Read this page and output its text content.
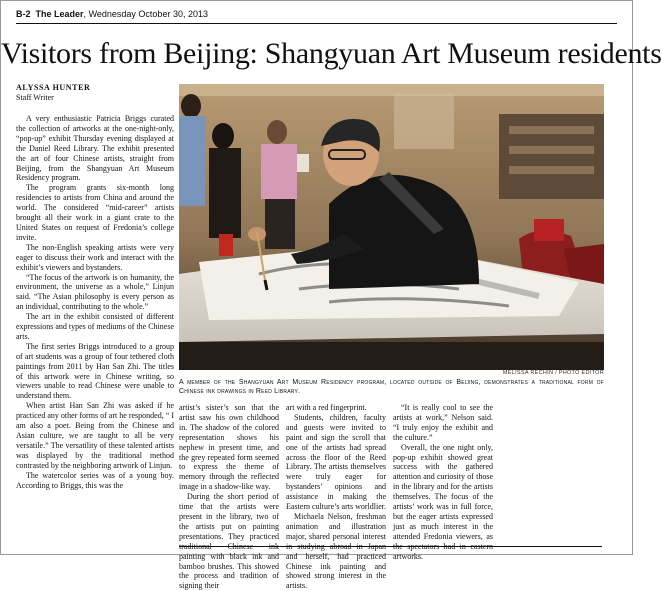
B-2 The Leader, Wednesday October 30, 2013
Visitors from Beijing: Shangyuan Art Museum residents
ALYSSA HUNTER
Staff Writer

A very enthusiastic Patricia Briggs curated the collection of artworks at the one-night-only, “pop-up” exhibit Thursday evening displayed at the Daniel Reed Library. The exhibit presented the art of four Chinese artists, straight from Beijing, from the Shangyuan Art Museum Residency program.

The program grants six-month long residencies to artists from China and around the world. The considered “mid-career” artists brought all their work in a giant crate to the United States on request of Fredonia’s college invite.

The non-English speaking artists were very eager to discuss their work and interact with the exhibit’s viewers and bystanders.

“The focus of the artwork is on humanity, the environment, the universe as a whole,” Linjun said. “The Asian philosophy is every person as an individual, contributing to the whole.”

The art in the exhibit consisted of different expressions and types of mediums of the Chinese arts.

The first series Briggs introduced to a group of art students was a group of four tethered cloth paintings from 2011 by Han San Zhi. The titles of this artwork were in Chinese writing, so viewers unable to read Chinese were unable to understand them.

When artist Han San Zhi was asked if he practiced any other forms of art he responded, “ I am also a poet. Being from the Chinese and Asian culture, we are taught to all be very versatile.” The versatility of these talented artists was displayed by the traditional method contrasted by the neighboring artwork of Linjun.

The watercolor series was of a young boy. According to Briggs, this was the

MELISSA RECHIN / PHOTO EDITOR
A member of the Shangyuan Art Museum Residency program, located outside of Beijing, demonstrates a traditional form of Chinese ink drawings in Reed Library.

artist’s sister’s son that the artist saw his own childhood in. The shadow of the colored representation shows his nephew in present time, and the grey repeated form seemed to express the theme of memory through the reflected image in a shadow-like way.

During the short period of time that the artists were present in the library, two of the artists put on painting presentations. They practiced traditional Chinese ink painting with black ink and bamboo brushes. This showed the process and tradition of signing their

art with a red fingerprint.

Students, children, faculty and guests were invited to paint and sign the scroll that one of the artists had spread across the floor of the Reed Library. The artists themselves were truly eager for bystanders’ opinions and assistance in making the Eastern culture’s arts worldlier.

Michaela Nelson, freshman animation and illustration major, shared personal interest in studying abroad in Japan and herself, had practiced Chinese ink painting and showed strong interest in the artists.

“It is really cool to see the artists at work,” Nelson said. “I truly enjoy the exhibit and the culture.”

Overall, the one night only, pop-up exhibit showed great success with the gathered attention and curiosity of those in the library and for the artists themselves. The focus of the artists’ work was in full force, but the eager artists expressed just as much interest in the attended Fredonia viewers, as the spectators had in eastern artworks.
